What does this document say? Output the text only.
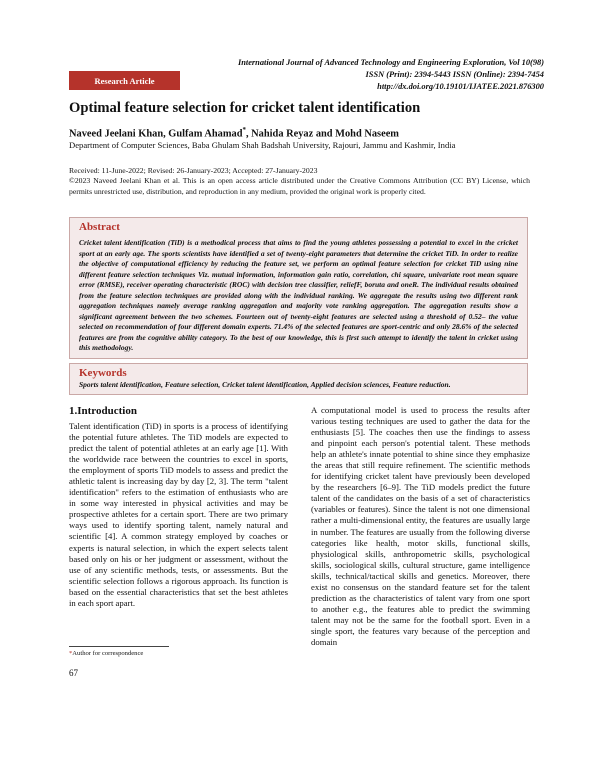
Research Article
International Journal of Advanced Technology and Engineering Exploration, Vol 10(98)
ISSN (Print): 2394-5443 ISSN (Online): 2394-7454
http://dx.doi.org/10.19101/IJATEE.2021.876300
Optimal feature selection for cricket talent identification
Naveed Jeelani Khan, Gulfam Ahamad*, Nahida Reyaz and Mohd Naseem
Department of Computer Sciences, Baba Ghulam Shah Badshah University, Rajouri, Jammu and Kashmir, India
Received: 11-June-2022; Revised: 26-January-2023; Accepted: 27-January-2023
©2023 Naveed Jeelani Khan et al. This is an open access article distributed under the Creative Commons Attribution (CC BY) License, which permits unrestricted use, distribution, and reproduction in any medium, provided the original work is properly cited.
Abstract
Cricket talent identification (TiD) is a methodical process that aims to find the young athletes possessing a potential to excel in the cricket sport at an early age. The sports scientists have identified a set of twenty-eight parameters that determine the cricket TiD. In order to realize the objective of computational efficiency by reducing the feature set, we perform an optimal feature selection for cricket TiD using nine different feature selection techniques Viz. mutual information, information gain ratio, correlation, chi square, univariate root mean square error (RMSE), receiver operating characteristic (ROC) with decision tree classifier, reliefF, boruta and oneR. The individual results obtained from the feature selection techniques are provided along with the individual ranking. We aggregate the results using two different rank aggregation techniques namely average ranking aggregation and majority vote ranking aggregation. The aggregation results show a significant agreement between the two schemes. Fourteen out of twenty-eight features are selected using a threshold of 0.52– the value selected on recommendation of four different domain experts. 71.4% of the selected features are sport-centric and only 28.6% of the selected features are from the cognitive ability category. To the best of our knowledge, this is first such attempt to identify the talent in cricket using this methodology.
Keywords
Sports talent identification, Feature selection, Cricket talent identification, Applied decision sciences, Feature reduction.
1.Introduction
Talent identification (TiD) in sports is a process of identifying the potential future athletes. The TiD models are expected to predict the talent of potential athletes at an early age [1]. With the worldwide race between the countries to excel in sports, the employment of sports TiD models to assess and predict the athletic talent is increasing day by day [2, 3]. The term "talent identification" refers to the estimation of enthusiasts who are in some way interested in physical activities and may be prospective athletes for a certain sport. There are two primary ways used to identify sporting talent, namely natural and scientific [4]. A common strategy employed by coaches or experts is natural selection, in which the expert selects talent based only on his or her judgment or assessment, without the use of any scientific methods, tests, or assessments. But the scientific selection follows a rigorous approach. Its function is based on the essential characteristics that set the best athletes in each sport apart.
A computational model is used to process the results after various testing techniques are used to gather the data for the enthusiasts [5]. The coaches then use the findings to assess and pinpoint each person's potential talent. These methods help an athlete's innate potential to shine since they emphasize the areas that still require refinement. The scientific methods for identifying cricket talent have previously been developed by the researchers [6–9]. The TiD models predict the future talent of the candidates on the basis of a set of characteristics (variables or features). Since the talent is not one dimensional rather a multi-dimensional entity, the features are usually large in number. The features are usually from the following diverse categories like health, motor skills, functional skills, physiological skills, anthropometric skills, psychological skills, sociological skills, cultural structure, game intelligence skills, technical/tactical skills and genetics. Moreover, there exist no consensus on the standard feature set for the talent prediction as the characteristics of talent vary from one sport to another e.g., the features able to predict the swimming talent may not be the same for the football sport. Even in a single sport, the features vary because of the perception and domain
*Author for correspondence
67
